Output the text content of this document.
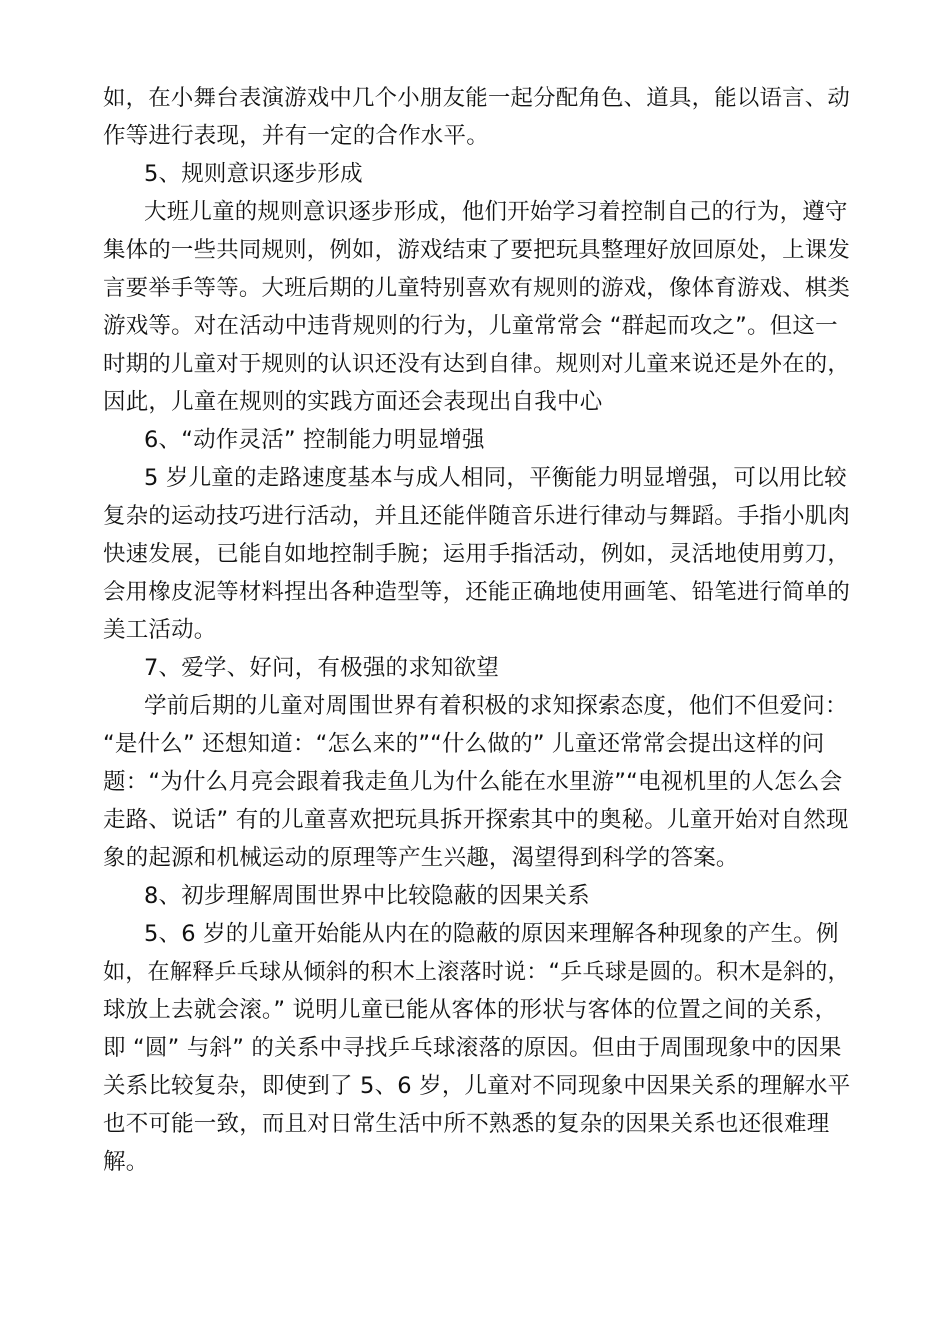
如，在小舞台表演游戏中几个小朋友能一起分配角色、道具，能以语言、动
作等进行表现，并有一定的合作水平。
5、规则意识逐步形成
大班儿童的规则意识逐步形成，他们开始学习着控制自己的行为，遵守
集体的一些共同规则，例如，游戏结束了要把玩具整理好放回原处，上课发
言要举手等等。大班后期的儿童特别喜欢有规则的游戏，像体育游戏、棋类
游戏等。对在活动中违背规则的行为，儿童常常会 “群起而攻之”。但这一
时期的儿童对于规则的认识还没有达到自律。规则对儿童来说还是外在的，
因此，儿童在规则的实践方面还会表现出自我中心
6、“动作灵活” 控制能力明显增强
5 岁儿童的走路速度基本与成人相同，平衡能力明显增强，可以用比较
复杂的运动技巧进行活动，并且还能伴随音乐进行律动与舞蹈。手指小肌肉
快速发展，已能自如地控制手腕；运用手指活动，例如，灵活地使用剪刀，
会用橡皮泥等材料捏出各种造型等，还能正确地使用画笔、铅笔进行简单的
美工活动。
7、爱学、好问，有极强的求知欲望
学前后期的儿童对周围世界有着积极的求知探索态度，他们不但爱问：
“是什么” 还想知道：“怎么来的”“什么做的” 儿童还常常会提出这样的问
题：“为什么月亮会跟着我走鱼儿为什么能在水里游”“电视机里的人怎么会
走路、说话” 有的儿童喜欢把玩具拆开探索其中的奥秘。儿童开始对自然现
象的起源和机械运动的原理等产生兴趣，渴望得到科学的答案。
8、初步理解周围世界中比较隐蔽的因果关系
5、6 岁的儿童开始能从内在的隐蔽的原因来理解各种现象的产生。例
如，在解释乒乓球从倾斜的积木上滚落时说：“乒乓球是圆的。积木是斜的，
球放上去就会滚。” 说明儿童已能从客体的形状与客体的位置之间的关系，
即 “圆” 与斜” 的关系中寻找乒乓球滚落的原因。但由于周围现象中的因果
关系比较复杂，即使到了 5、6 岁，儿童对不同现象中因果关系的理解水平
也不可能一致，而且对日常生活中所不熟悉的复杂的因果关系也还很难理
解。
